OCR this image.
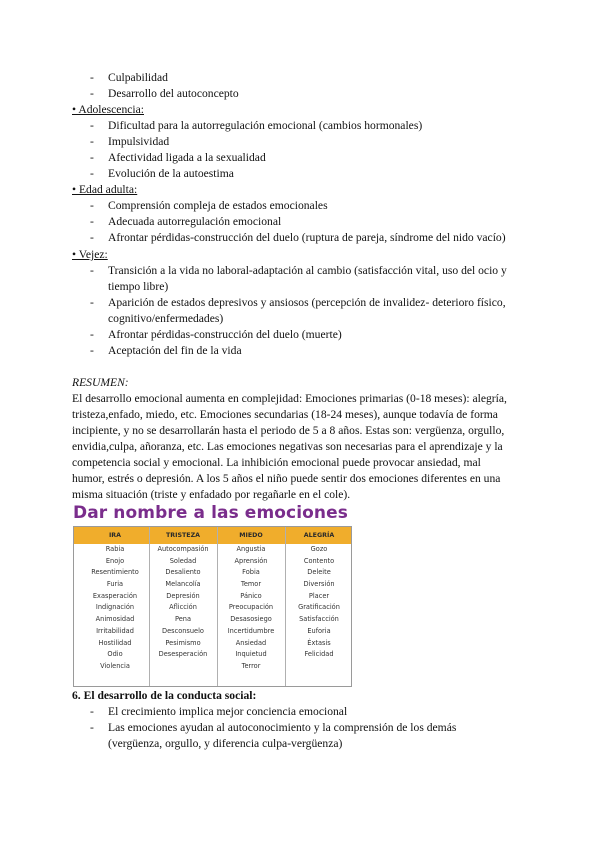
- Culpabilidad
- Desarrollo del autoconcepto
• Adolescencia:
- Dificultad para la autorregulación emocional (cambios hormonales)
- Impulsividad
- Afectividad ligada a la sexualidad
- Evolución de la autoestima
• Edad adulta:
- Comprensión compleja de estados emocionales
- Adecuada autorregulación emocional
- Afrontar pérdidas-construcción del duelo (ruptura de pareja, síndrome del nido vacío)
• Vejez:
- Transición a la vida no laboral-adaptación al cambio (satisfacción vital, uso del ocio y
tiempo libre)
- Aparición de estados depresivos y ansiosos (percepción de invalidez- deterioro físico,
cognitivo/enfermedades)
- Afrontar pérdidas-construcción del duelo (muerte)
- Aceptación del fin de la vida
RESUMEN:
El desarrollo emocional aumenta en complejidad: Emociones primarias (0-18 meses): alegría,
tristeza,enfado, miedo, etc. Emociones secundarias (18-24 meses), aunque todavía de forma
incipiente, y no se desarrollarán hasta el periodo de 5 a 8 años. Estas son: vergüenza, orgullo,
envidia,culpa, añoranza, etc. Las emociones negativas son necesarias para el aprendizaje y la
competencia social y emocional. La inhibición emocional puede provocar ansiedad, mal
humor, estrés o depresión. A los 5 años el niño puede sentir dos emociones diferentes en una
misma situación (triste y enfadado por regañarle en el cole).
Dar nombre a las emociones
IRA
Rabia
Enojo
Resentimiento
Furia
Exasperación
Indignación
Animosidad
Irritabilidad
Hostilidad
Odio
Violencia
TRISTEZA
Autocompasión
Soledad
Desaliento
Melancolía
Depresión
Aflicción
Pena
Desconsuelo
Pesimismo
Desesperación
MIEDO
Angustia
Aprensión
Fobia
Temor
Pánico
Preocupación
Desasosiego
Incertidumbre
Ansiedad
Inquietud
Terror
ALEGRÍA
Gozo
Contento
Deleite
Diversión
Placer
Gratificación
Satisfacción
Euforia
Éxtasis
Felicidad
6. El desarrollo de la conducta social:
- El crecimiento implica mejor conciencia emocional
- Las emociones ayudan al autoconocimiento y la comprensión de los demás
(vergüenza, orgullo, y diferencia culpa-vergüenza)
